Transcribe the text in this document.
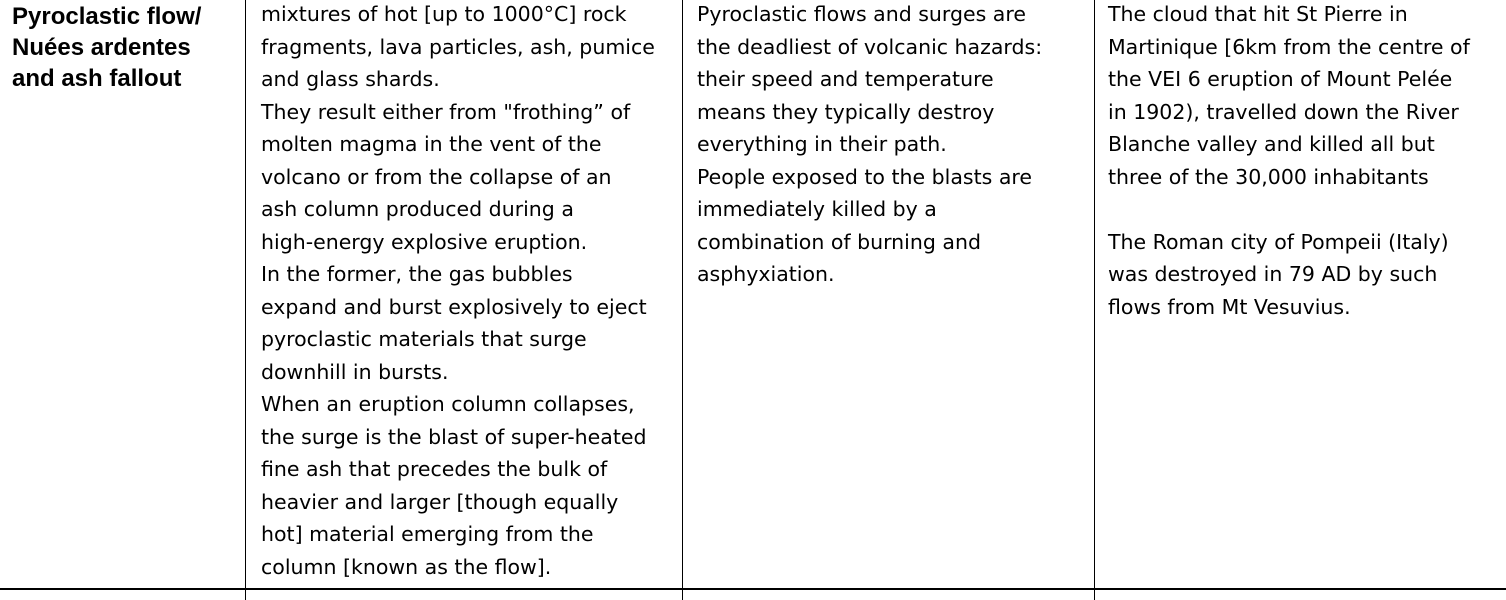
Pyroclastic flow/
Nuées ardentes
and ash fallout
mixtures of hot [up to 1000°C] rock
fragments, lava particles, ash, pumice
and glass shards.
They result either from "frothing” of
molten magma in the vent of the
volcano or from the collapse of an
ash column produced during a
high-energy explosive eruption.
In the former, the gas bubbles
expand and burst explosively to eject
pyroclastic materials that surge
downhill in bursts.
When an eruption column collapses,
the surge is the blast of super-heated
fine ash that precedes the bulk of
heavier and larger [though equally
hot] material emerging from the
column [known as the flow].
Pyroclastic flows and surges are
the deadliest of volcanic hazards:
their speed and temperature
means they typically destroy
everything in their path.
People exposed to the blasts are
immediately killed by a
combination of burning and
asphyxiation.
The cloud that hit St Pierre in
Martinique [6km from the centre of
the VEI 6 eruption of Mount Pelée
in 1902), travelled down the River
Blanche valley and killed all but
three of the 30,000 inhabitants

The Roman city of Pompeii (Italy)
was destroyed in 79 AD by such
flows from Mt Vesuvius.
